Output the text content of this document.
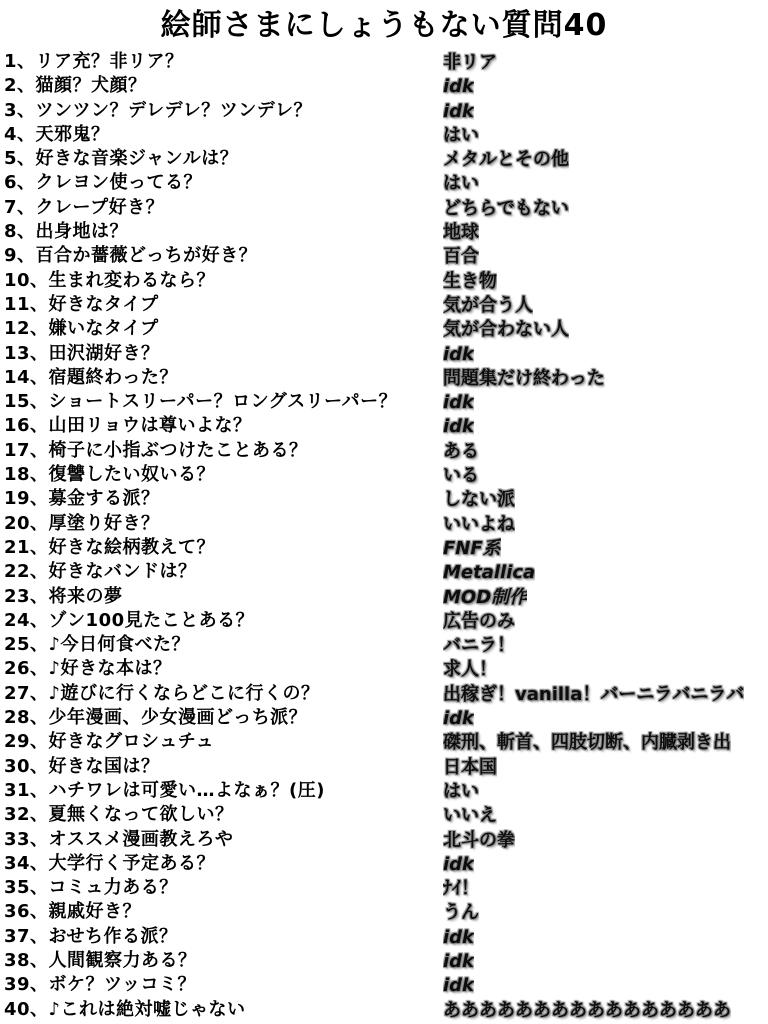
絵師さまにしょうもない質問40
1、リア充？非リア？	非リア
2、猫顔？犬顔？	idk
3、ツンツン？デレデレ？ツンデレ？	idk
4、天邪鬼？	はい
5、好きな音楽ジャンルは？	メタルとその他
6、クレヨン使ってる？	はい
7、クレープ好き？	どちらでもない
8、出身地は？	地球
9、百合か薔薇どっちが好き？	百合
10、生まれ変わるなら？	生き物
11、好きなタイプ	気が合う人
12、嫌いなタイプ	気が合わない人
13、田沢湖好き？	idk
14、宿題終わった？	問題集だけ終わった
15、ショートスリーパー？ロングスリーパー？	idk
16、山田リョウは尊いよな？	idk
17、椅子に小指ぶつけたことある？	ある
18、復讐したい奴いる？	いる
19、募金する派？	しない派
20、厚塗り好き？	いいよね
21、好きな絵柄教えて？	FNF系
22、好きなバンドは？	Metallica
23、将来の夢	MOD制作
24、ゾン100見たことある？	広告のみ
25、♪今日何食べた？	バニラ！
26、♪好きな本は？	求人！
27、♪遊びに行くならどこに行くの？	出稼ぎ！vanilla！バーニラバニラバ
28、少年漫画、少女漫画どっち派？	idk
29、好きなグロシュチュ	磔刑、斬首、四肢切断、内臓剥き出
30、好きな国は？	日本国
31、ハチワレは可愛い…よなぁ？(圧)	はい
32、夏無くなって欲しい？	いいえ
33、オススメ漫画教えろや	北斗の拳
34、大学行く予定ある？	idk
35、コミュ力ある？	ﾅｲ！
36、親戚好き？	うん
37、おせち作る派？	idk
38、人間観察力ある？	idk
39、ボケ？ツッコミ？	idk
40、♪これは絶対嘘じゃない	ああああああああああああああああ
